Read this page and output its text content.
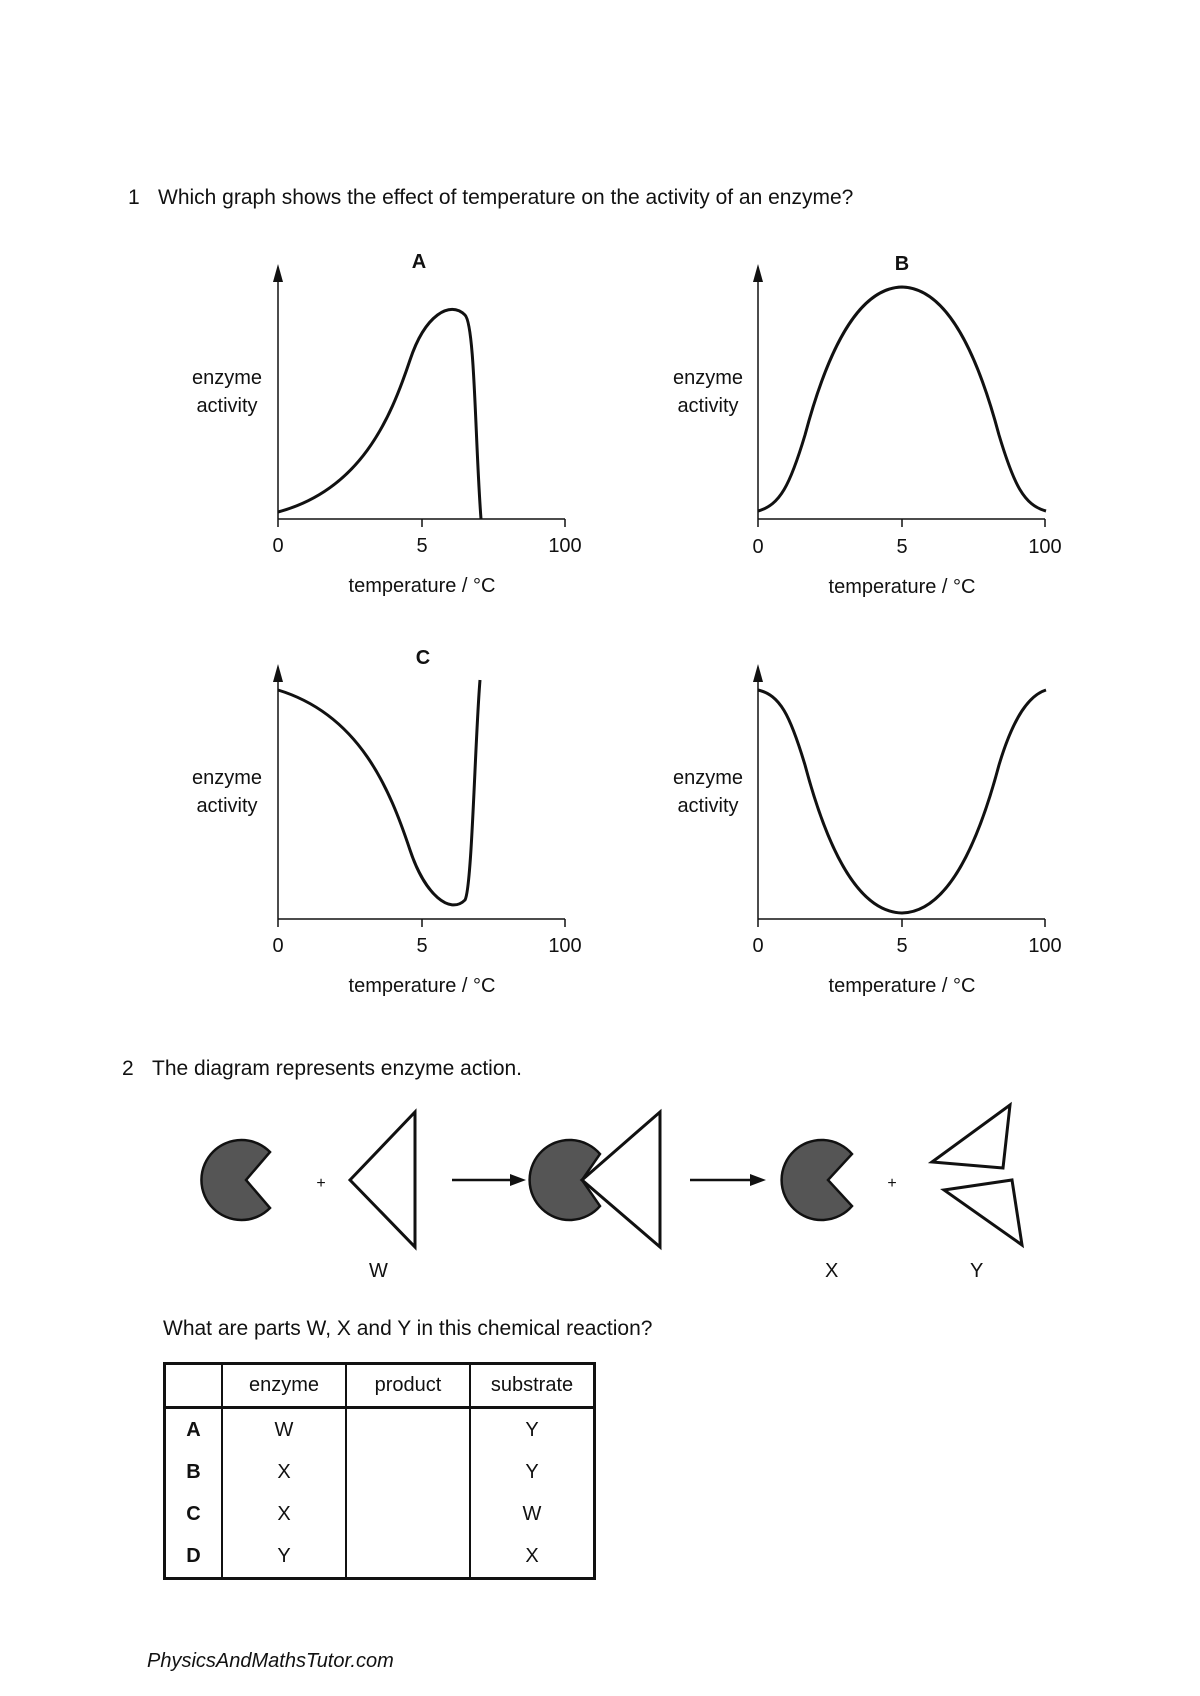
1 Which graph shows the effect of temperature on the activity of an enzyme?
A
0	5	100
enzyme
activity
temperature / °C
B
0	5	100
enzyme
activity
temperature / °C
C
0	5	100
enzyme
activity
temperature / °C
0	5	100
enzyme
activity
temperature / °C
2 The diagram represents enzyme action.
+	+
W	X	Y
What are parts W, X and Y in this chemical reaction?
	enzyme	product	substrate
A	W		Y
B	X		Y
C	X		W
D	Y		X
PhysicsAndMathsTutor.com
